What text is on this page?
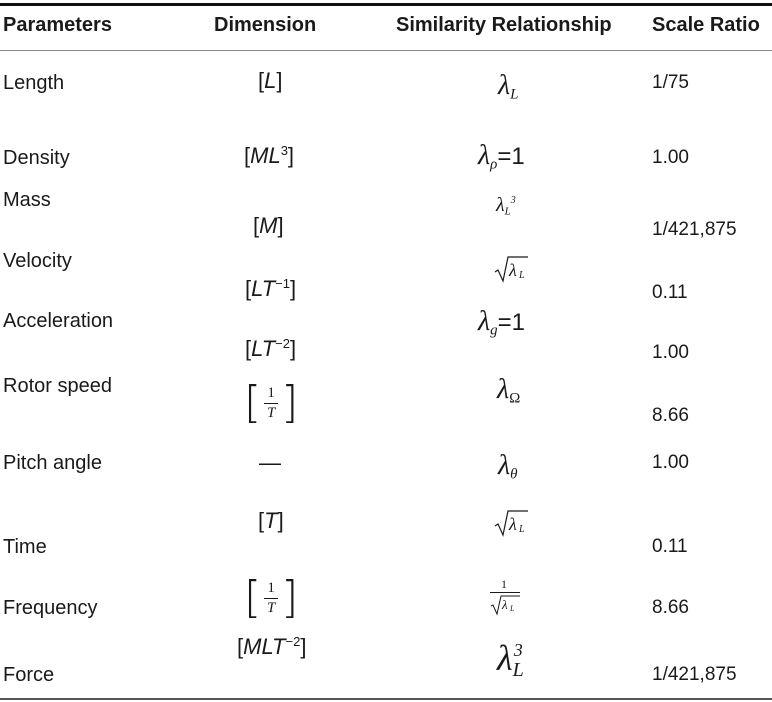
Parameters	Dimension	Similarity Relationship Scale Ratio
Length
Density
Mass
Velocity
Acceleration
Rotor speed
Pitch angle
Time
Frequency
Force
[L]
$[ML^3]$
[M]
$[LT^{-1}]$
$[LT^{-2}]$
[ $\frac{1}{T}$ ]
—
[T]
[ $\frac{1}{T}$ ]
$[MLT^{-2}]$
$\lambda_L$
$\lambda_\rho=1$
$\lambda_L^3$
λ L
$\lambda_g=1$
$\lambda_\Omega$
$\lambda_\theta$
λ L
1
λ L
$\lambda_L^3$
1/75
1.00
1/421,875
0.11
1.00
8.66
1.00
0.11
8.66
1/421,875
